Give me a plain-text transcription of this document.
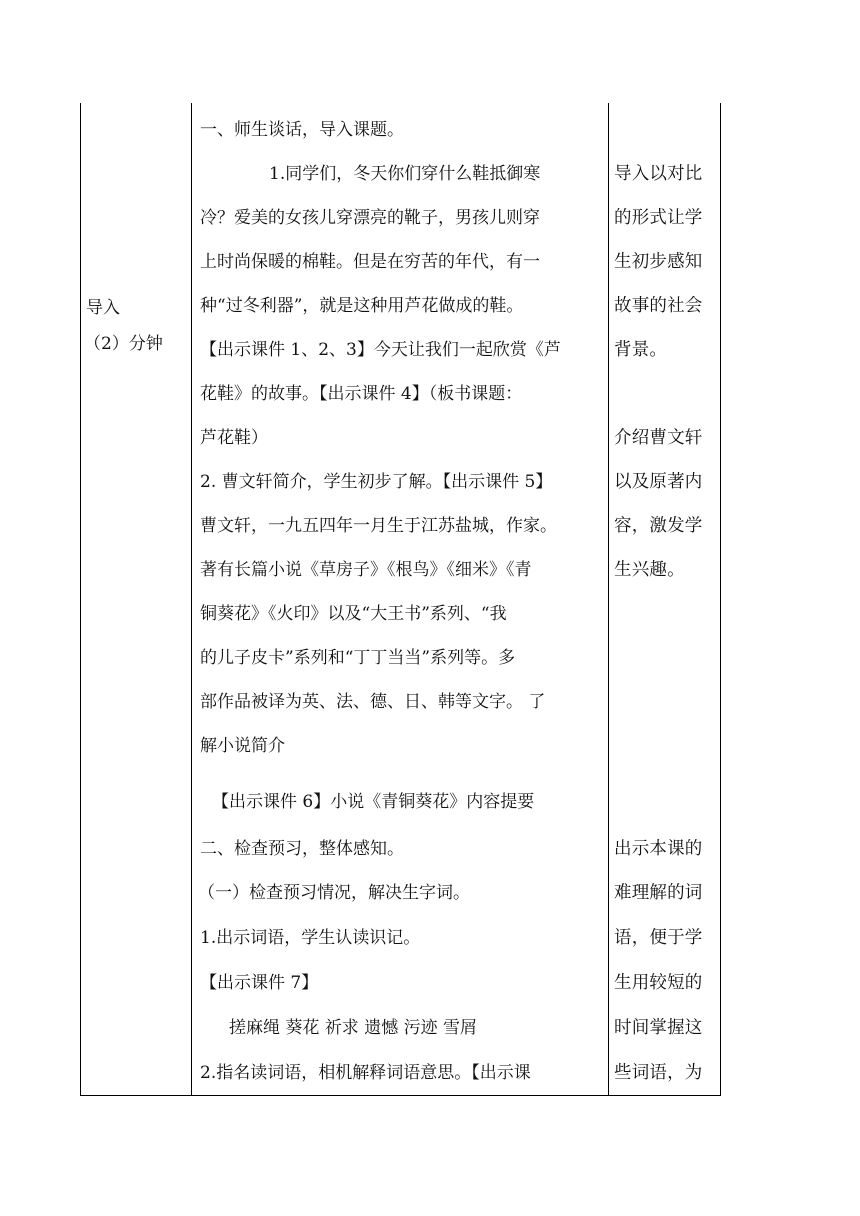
导入
（2）分钟
一、师生谈话，导入课题。
1.同学们，冬天你们穿什么鞋抵御寒
冷？爱美的女孩儿穿漂亮的靴子，男孩儿则穿
上时尚保暖的棉鞋。但是在穷苦的年代，有一
种“过冬利器”，就是这种用芦花做成的鞋。
【出示课件 1、2、3】今天让我们一起欣赏《芦
花鞋》的故事。【出示课件 4】（板书课题：
芦花鞋）
2. 曹文轩简介，学生初步了解。【出示课件 5】
曹文轩，一九五四年一月生于江苏盐城，作家。
著有长篇小说《草房子》《根鸟》《细米》《青
铜葵花》《火印》以及“大王书”系列、“我
的儿子皮卡”系列和“丁丁当当”系列等。多
部作品被译为英、法、德、日、韩等文字。 了
解小说简介
【出示课件 6】小说《青铜葵花》内容提要
二、检查预习，整体感知。
（一）检查预习情况，解决生字词。
1.出示词语，学生认读识记。
【出示课件 7】
搓麻绳 葵花 祈求 遗憾 污迹 雪屑
2.指名读词语，相机解释词语意思。【出示课
导入以对比
的形式让学
生初步感知
故事的社会
背景。
介绍曹文轩
以及原著内
容，激发学
生兴趣。
出示本课的
难理解的词
语，便于学
生用较短的
时间掌握这
些词语，为
